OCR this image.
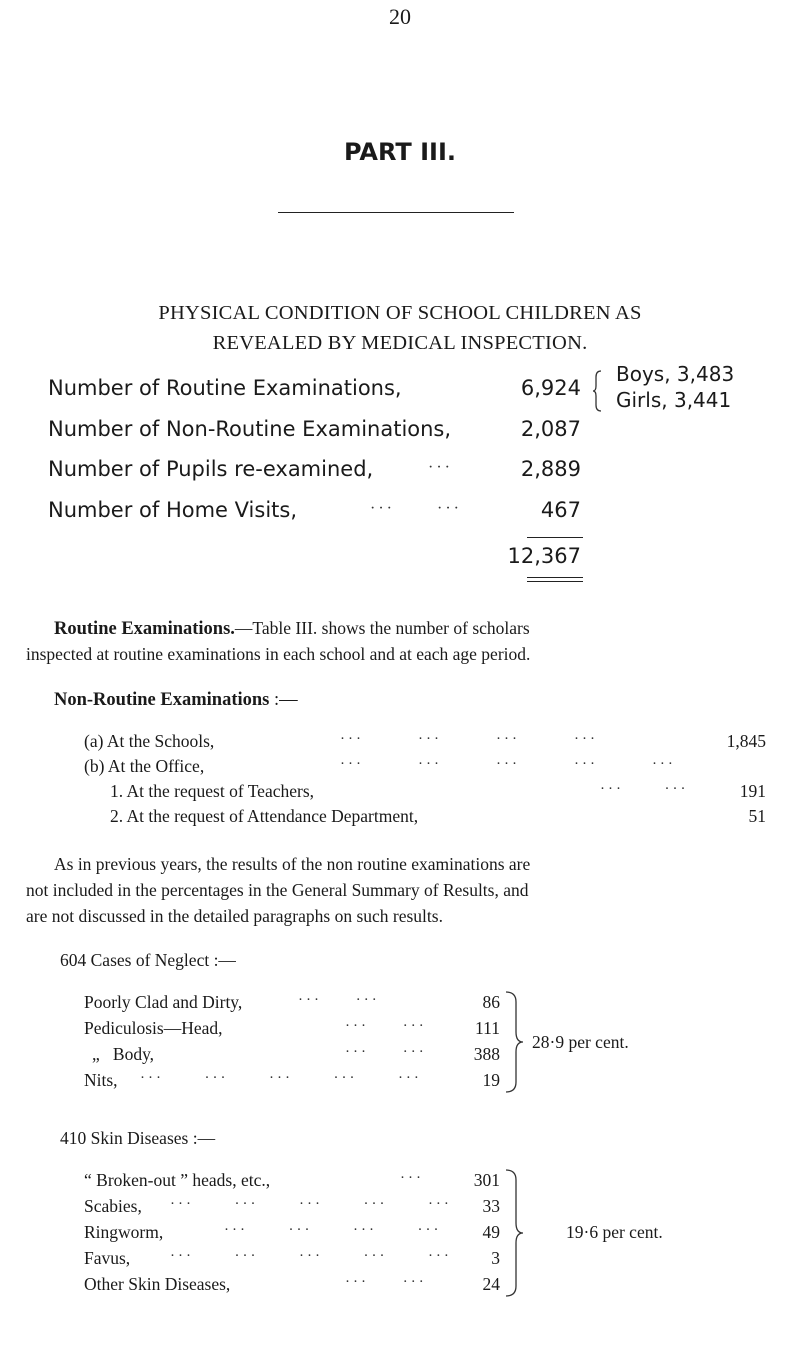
20
PART III.
PHYSICAL CONDITION OF SCHOOL CHILDREN AS
REVEALED BY MEDICAL INSPECTION.
Number of Routine Examinations,	6,924
Number of Non-Routine Examinations,	2,087
Number of Pupils re-examined,	···	2,889
Number of Home Visits,	···      ···	467
Boys, 3,483
Girls, 3,441
12,367
Routine Examinations.—Table III. shows the number of scholars
inspected at routine examinations in each school and at each age period.
Non-Routine Examinations :—
(a) At the Schools,	···        ···        ···        ···	1,845
(b) At the Office,	···        ···        ···        ···        ···
1. At the request of Teachers,	···      ···	191
2. At the request of Attendance Department,	51
As in previous years, the results of the non routine examinations are
not included in the percentages in the General Summary of Results, and
are not discussed in the detailed paragraphs on such results.
604 Cases of Neglect :—
Poorly Clad and Dirty,	···     ···	86
Pediculosis—Head,	···     ···	111
„   Body,	···     ···	388
Nits, ···      ···      ···      ···      ···	19
28·9 per cent.
410 Skin Diseases :—
“ Broken-out ” heads, etc.,	···	301
Scabies, ···      ···      ···      ···      ···	33
Ringworm,	···      ···      ···      ···	49
Favus,	···      ···      ···      ···      ···	3
Other Skin Diseases,	···     ···	24
19·6 per cent.
